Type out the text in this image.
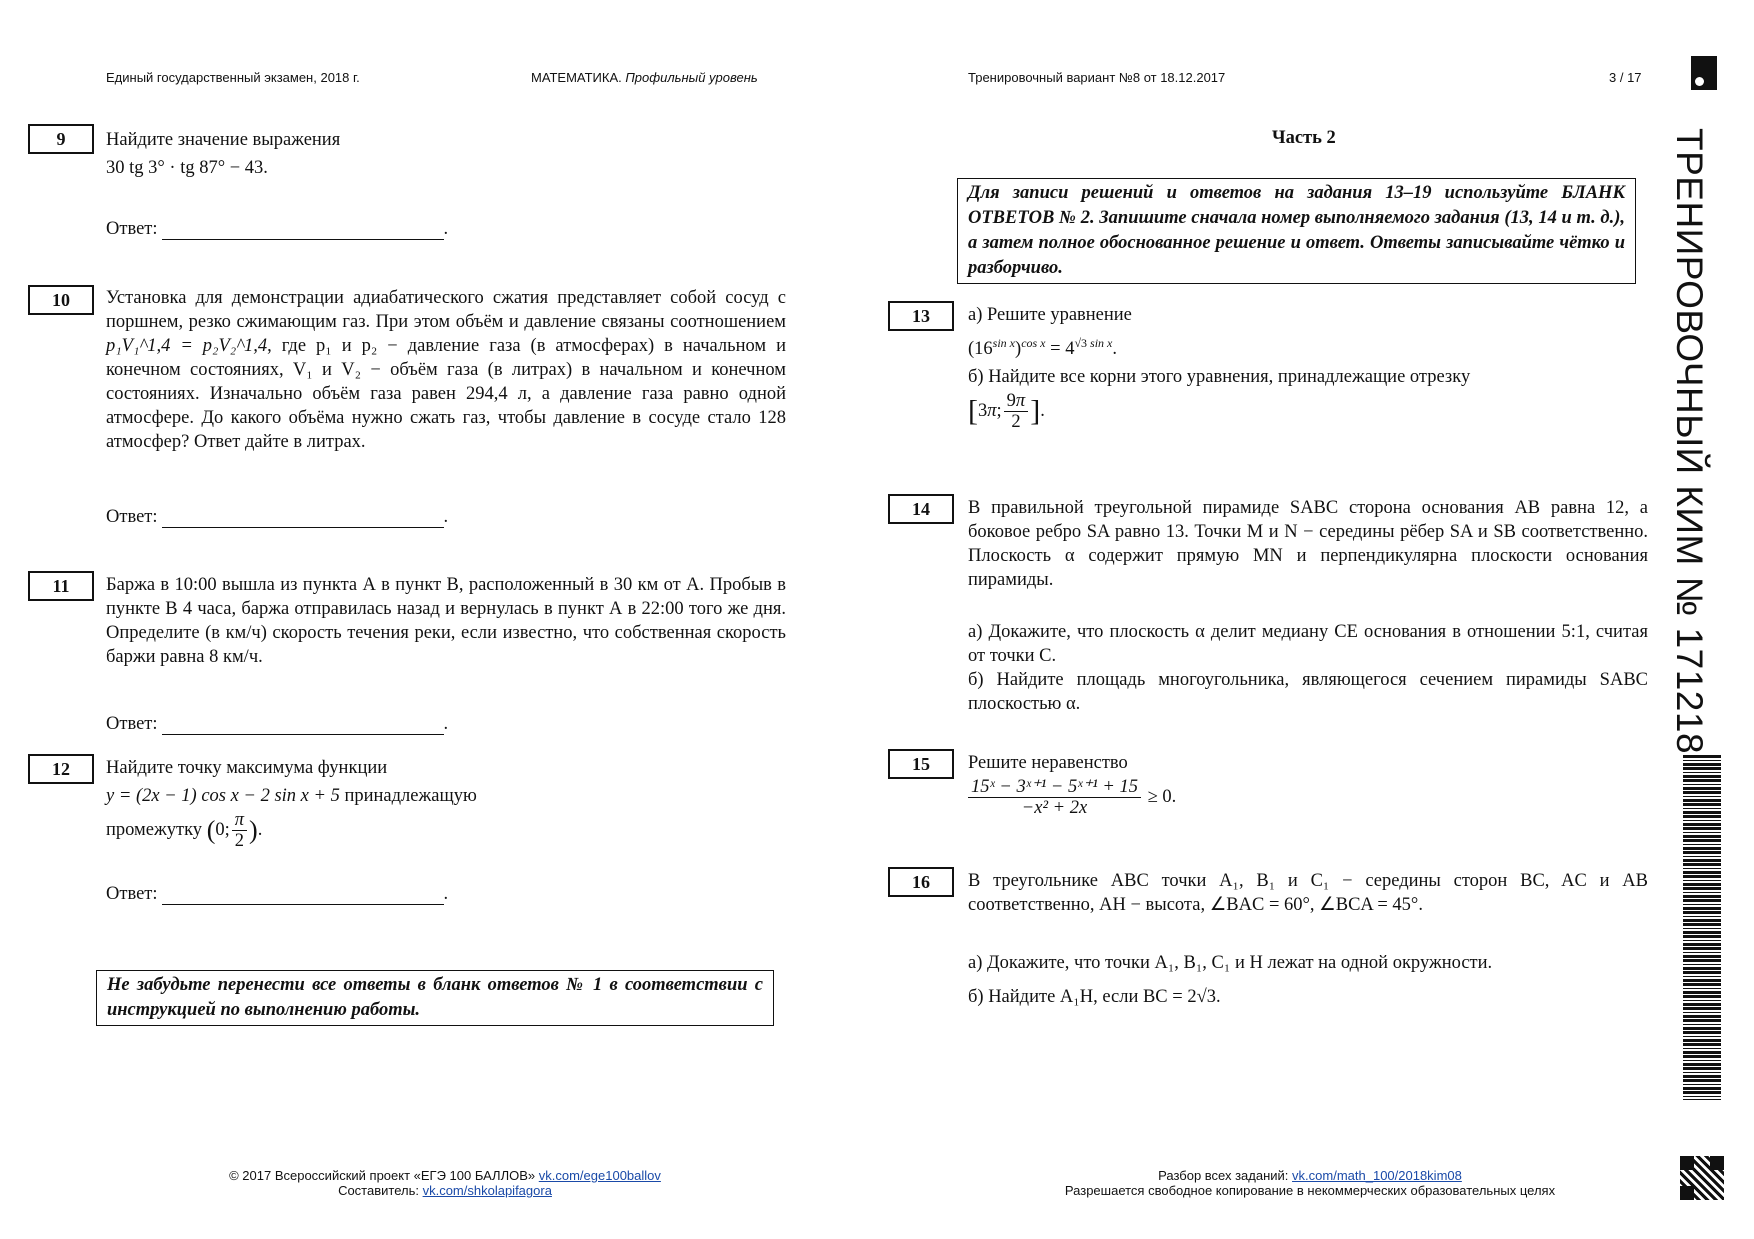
Единый государственный экзамен, 2018 г.	МАТЕМАТИКА. Профильный уровень	Тренировочный вариант №8 от 18.12.2017	3 / 17
9	Найдите значение выражения
30 tg 3° · tg 87° − 43.
Ответ:	.
10	Установка для демонстрации адиабатического сжатия представляет собой сосуд с поршнем, резко сжимающим газ. При этом объём и давление связаны соотношением p₁V₁^1,4 = p₂V₂^1,4, где p₁ и p₂ − давление газа (в атмосферах) в начальном и конечном состояниях, V₁ и V₂ − объём газа (в литрах) в начальном и конечном состояниях. Изначально объём газа равен 294,4 л, а давление газа равно одной атмосфере. До какого объёма нужно сжать газ, чтобы давление в сосуде стало 128 атмосфер? Ответ дайте в литрах.
Ответ:	.
11	Баржа в 10:00 вышла из пункта А в пункт В, расположенный в 30 км от А. Пробыв в пункте В 4 часа, баржа отправилась назад и вернулась в пункт А в 22:00 того же дня. Определите (в км/ч) скорость течения реки, если известно, что собственная скорость баржи равна 8 км/ч.
Ответ:	.
12	Найдите точку максимума функции
y = (2x − 1) cos x − 2 sin x + 5 принадлежащую
промежутку (0; $\frac{\pi}{2}$ ).
Ответ:	.
Не забудьте перенести все ответы в бланк ответов № 1 в соответствии с инструкцией по выполнению работы.
Часть 2
Для записи решений и ответов на задания 13–19 используйте БЛАНК ОТВЕТОВ № 2. Запишите сначала номер выполняемого задания (13, 14 и т. д.), а затем полное обоснованное решение и ответ. Ответы записывайте чётко и разборчиво.
13	а) Решите уравнение
$(16^{sin x})^{cos x} = 4^{√3 sin x}$.
б) Найдите все корни этого уравнения, принадлежащие отрезку
[3π; $\frac{9\pi}{2}$ ].
14	В правильной треугольной пирамиде SABC сторона основания AB равна 12, а боковое ребро SA равно 13. Точки M и N − середины рёбер SA и SB соответственно. Плоскость α содержит прямую MN и перпендикулярна плоскости основания пирамиды.
а) Докажите, что плоскость α делит медиану CE основания в отношении 5:1, считая от точки C.
б) Найдите площадь многоугольника, являющегося сечением пирамиды SABC плоскостью α.
15	Решите неравенство
$\frac{\text{15ˣ − 3ˣ⁺¹ − 5ˣ⁺¹ + 15}}{\text{−x² + 2x}} \ge 0$.
16	В треугольнике ABC точки A₁, B₁ и C₁ − середины сторон BC, AC и AB соответственно, AH − высота, ∠BAC = 60°, ∠BCA = 45°.
а) Докажите, что точки A₁, B₁, C₁ и H лежат на одной окружности.
б) Найдите A₁H, если BC = 2√3.
ТРЕНИРОВОЧНЫЙ КИМ № 171218
© 2017 Всероссийский проект «ЕГЭ 100 БАЛЛОВ» vk.com/ege100ballov
Составитель: vk.com/shkolapifagora
Разбор всех заданий: vk.com/math_100/2018kim08
Разрешается свободное копирование в некоммерческих образовательных целях
